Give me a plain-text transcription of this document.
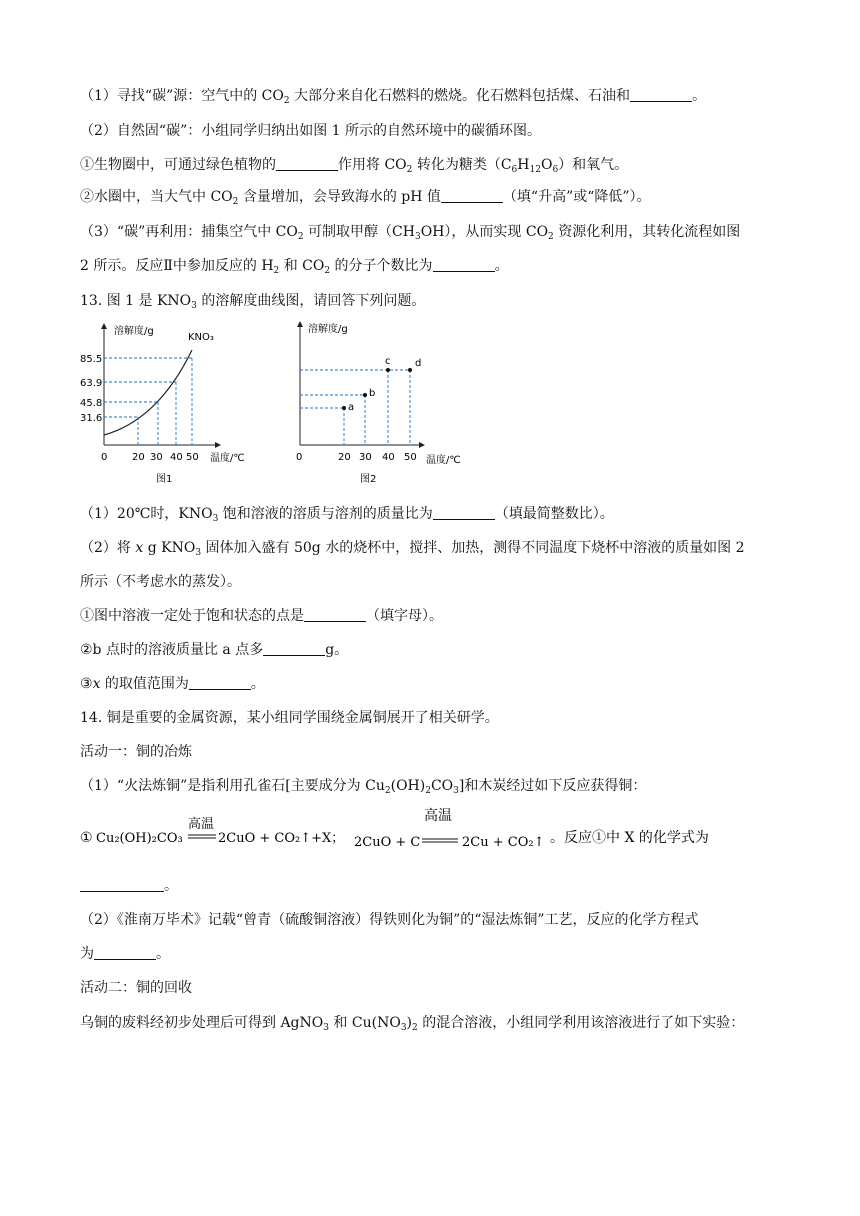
（1）寻找“碳”源：空气中的 $CO_2$ 大部分来自化石燃料的燃烧。化石燃料包括煤、石油和	。
（2）自然固“碳”：小组同学归纳出如图 1 所示的自然环境中的碳循环图。
①生物圈中，可通过绿色植物的	作用将 $CO_2$ 转化为糖类$(C_6H_{12}O_6)$和氧气。
②水圈中，当大气中 $CO_2$ 含量增加，会导致海水的 pH 值	（填“升高”或“降低”）。
（3）“碳”再利用：捕集空气中 $CO_2$ 可制取甲醇$(CH_3OH)$，从而实现 $CO_2$ 资源化利用，其转化流程如图
2 所示。反应Ⅱ中参加反应的 $H_2$ 和 $CO_2$ 的分子个数比为	。
13. 图 1 是 $KNO_3$ 的溶解度曲线图，请回答下列问题。
溶解度/g
KNO₃
85.5
63.9
45.8
31.6
0 20 30 40 50 温度/℃
图1
溶解度/g
a
b
c d
0	20 30 40 50 温度/℃
图2
（1）20℃时，$KNO_3$ 饱和溶液的溶质与溶剂的质量比为	（填最简整数比）。
（2）将 x g $KNO_3$ 固体加入盛有 50g 水的烧杯中，搅拌、加热，测得不同温度下烧杯中溶液的质量如图 2
所示（不考虑水的蒸发）。
①图中溶液一定处于饱和状态的点是	（填字母）。
②b 点时的溶液质量比 a 点多	g。
③x 的取值范围为	。
14. 铜是重要的金属资源，某小组同学围绕金属铜展开了相关研学。
活动一：铜的冶炼
（1）“火法炼铜”是指利用孔雀石[主要成分为 $Cu_2(OH)_2CO_3$]和木炭经过如下反应获得铜：
① Cu₂(OH)₂CO₃
高温
2CuO + CO₂↑+X； 2CuO + C
高温
2Cu + CO₂↑ 。反应①中 X 的化学式为
。
（2）《淮南万毕术》记载“曾青（硫酸铜溶液）得铁则化为铜”的“湿法炼铜”工艺，反应的化学方程式
为	。
活动二：铜的回收
乌铜的废料经初步处理后可得到 AgNO$_3$ 和 $Cu(NO_3)_2$ 的混合溶液，小组同学利用该溶液进行了如下实验：
